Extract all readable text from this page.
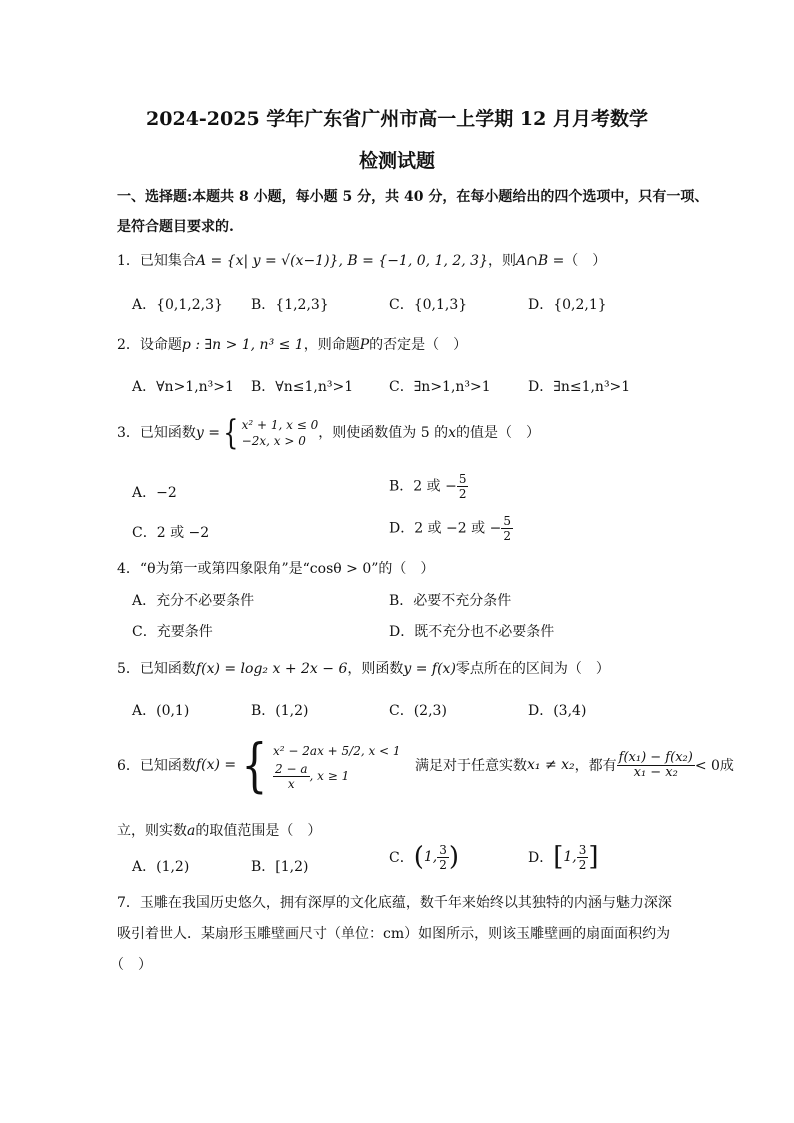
2024-2025 学年广东省广州市高一上学期 12 月月考数学
检测试题
一、选择题:本题共 8 小题，每小题 5 分，共 40 分，在每小题给出的四个选项中，只有一项、
是符合题目要求的.
1．已知集合A = {x| y = √(x−1)}, B = {−1, 0, 1, 2, 3}，则A∩B =（　）
A．{0,1,2,3} B．{1,2,3}	C．{0,1,3}	D．{0,2,1}
2．设命题p : ∃n > 1, n³ ≤ 1，则命题P的否定是（　）
A．∀n>1,n³>1 B．∀n≤1,n³>1	C．∃n>1,n³>1	D．∃n≤1,n³>1
3．已知函数y ={ x² + 1, x ≤ 0
−2x, x > 0 ，则使函数值为 5 的x的值是（　）
A．−2	B．2 或 − $\frac{5}{2}$
C．2 或 −2	D．2 或 −2 或 − $\frac{5}{2}$
4．“θ为第一或第四象限角”是“cosθ > 0”的（　）
A．充分不必要条件	B．必要不充分条件
C．充要条件	D．既不充分也不必要条件
5．已知函数f(x) = log₂ x + 2x − 6，则函数y = f(x)零点所在的区间为（　）
A．(0,1)	B．(1,2)	C．(2,3)	D．(3,4)
6．已知函数f(x) ={ x² − 2ax + 5/2, x < 1
$\frac{2 - a}{x}$ , x ≥ 1
满足对于任意实数x₁ ≠ x₂，都有 $\frac{\text{f(x₁) − f(x₂)}}{\text{x₁ − x₂}} < 0$成
立，则实数a的取值范围是（　）
A．(1,2)	B．[1,2)
C．(1, $\frac{3}{2}$ )	D．[1, $\frac{3}{2}$ ]
7．玉雕在我国历史悠久，拥有深厚的文化底蕴，数千年来始终以其独特的内涵与魅力深深
吸引着世人．某扇形玉雕壁画尺寸（单位：cm）如图所示，则该玉雕壁画的扇面面积约为
（　）
